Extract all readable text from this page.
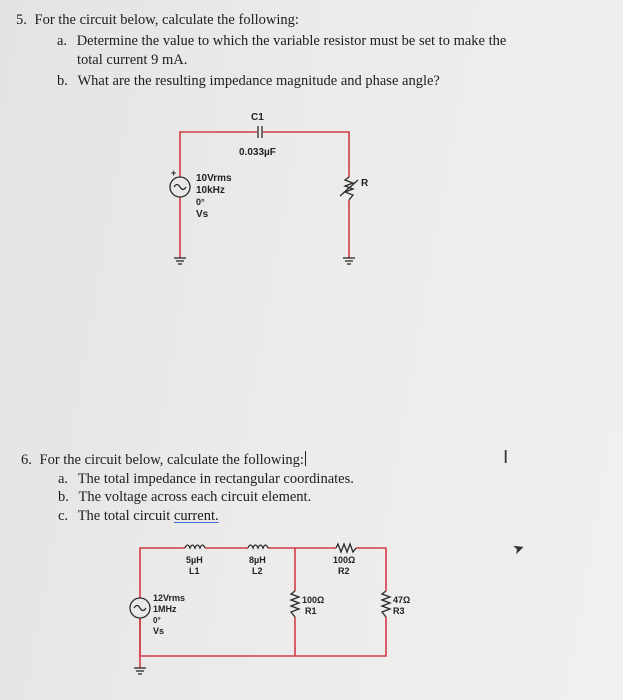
5. For the circuit below, calculate the following:
a. Determine the value to which the variable resistor must be set to make the
total current 9 mA.
b. What are the resulting impedance magnitude and phase angle?
+
C1
0.033µF
10Vrms
10kHz
0°
Vs
R
6. For the circuit below, calculate the following:
a. The total impedance in rectangular coordinates.
b. The voltage across each circuit element.
c. The total circuit current.
5µH
L1
8µH
L2
100Ω
R2
12Vrms
1MHz
0°
Vs
100Ω
R1
47Ω
R3
I
➤
